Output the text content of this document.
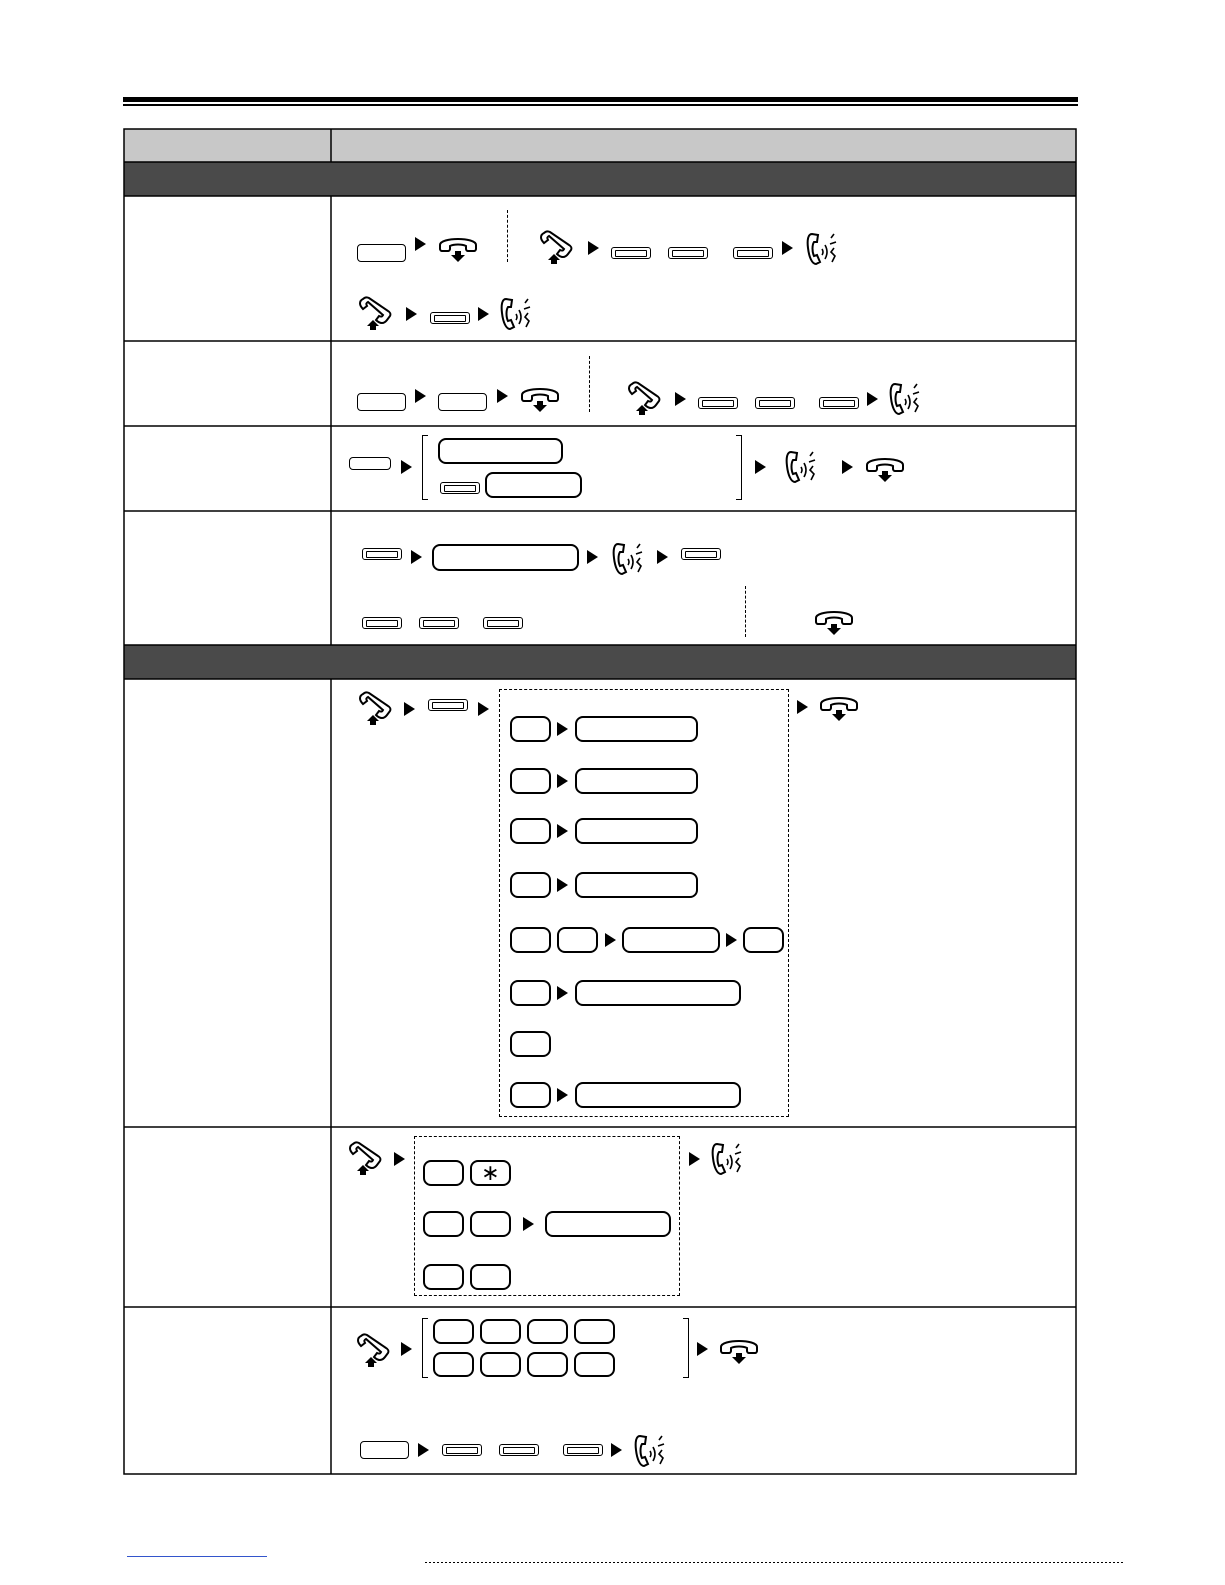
∗
